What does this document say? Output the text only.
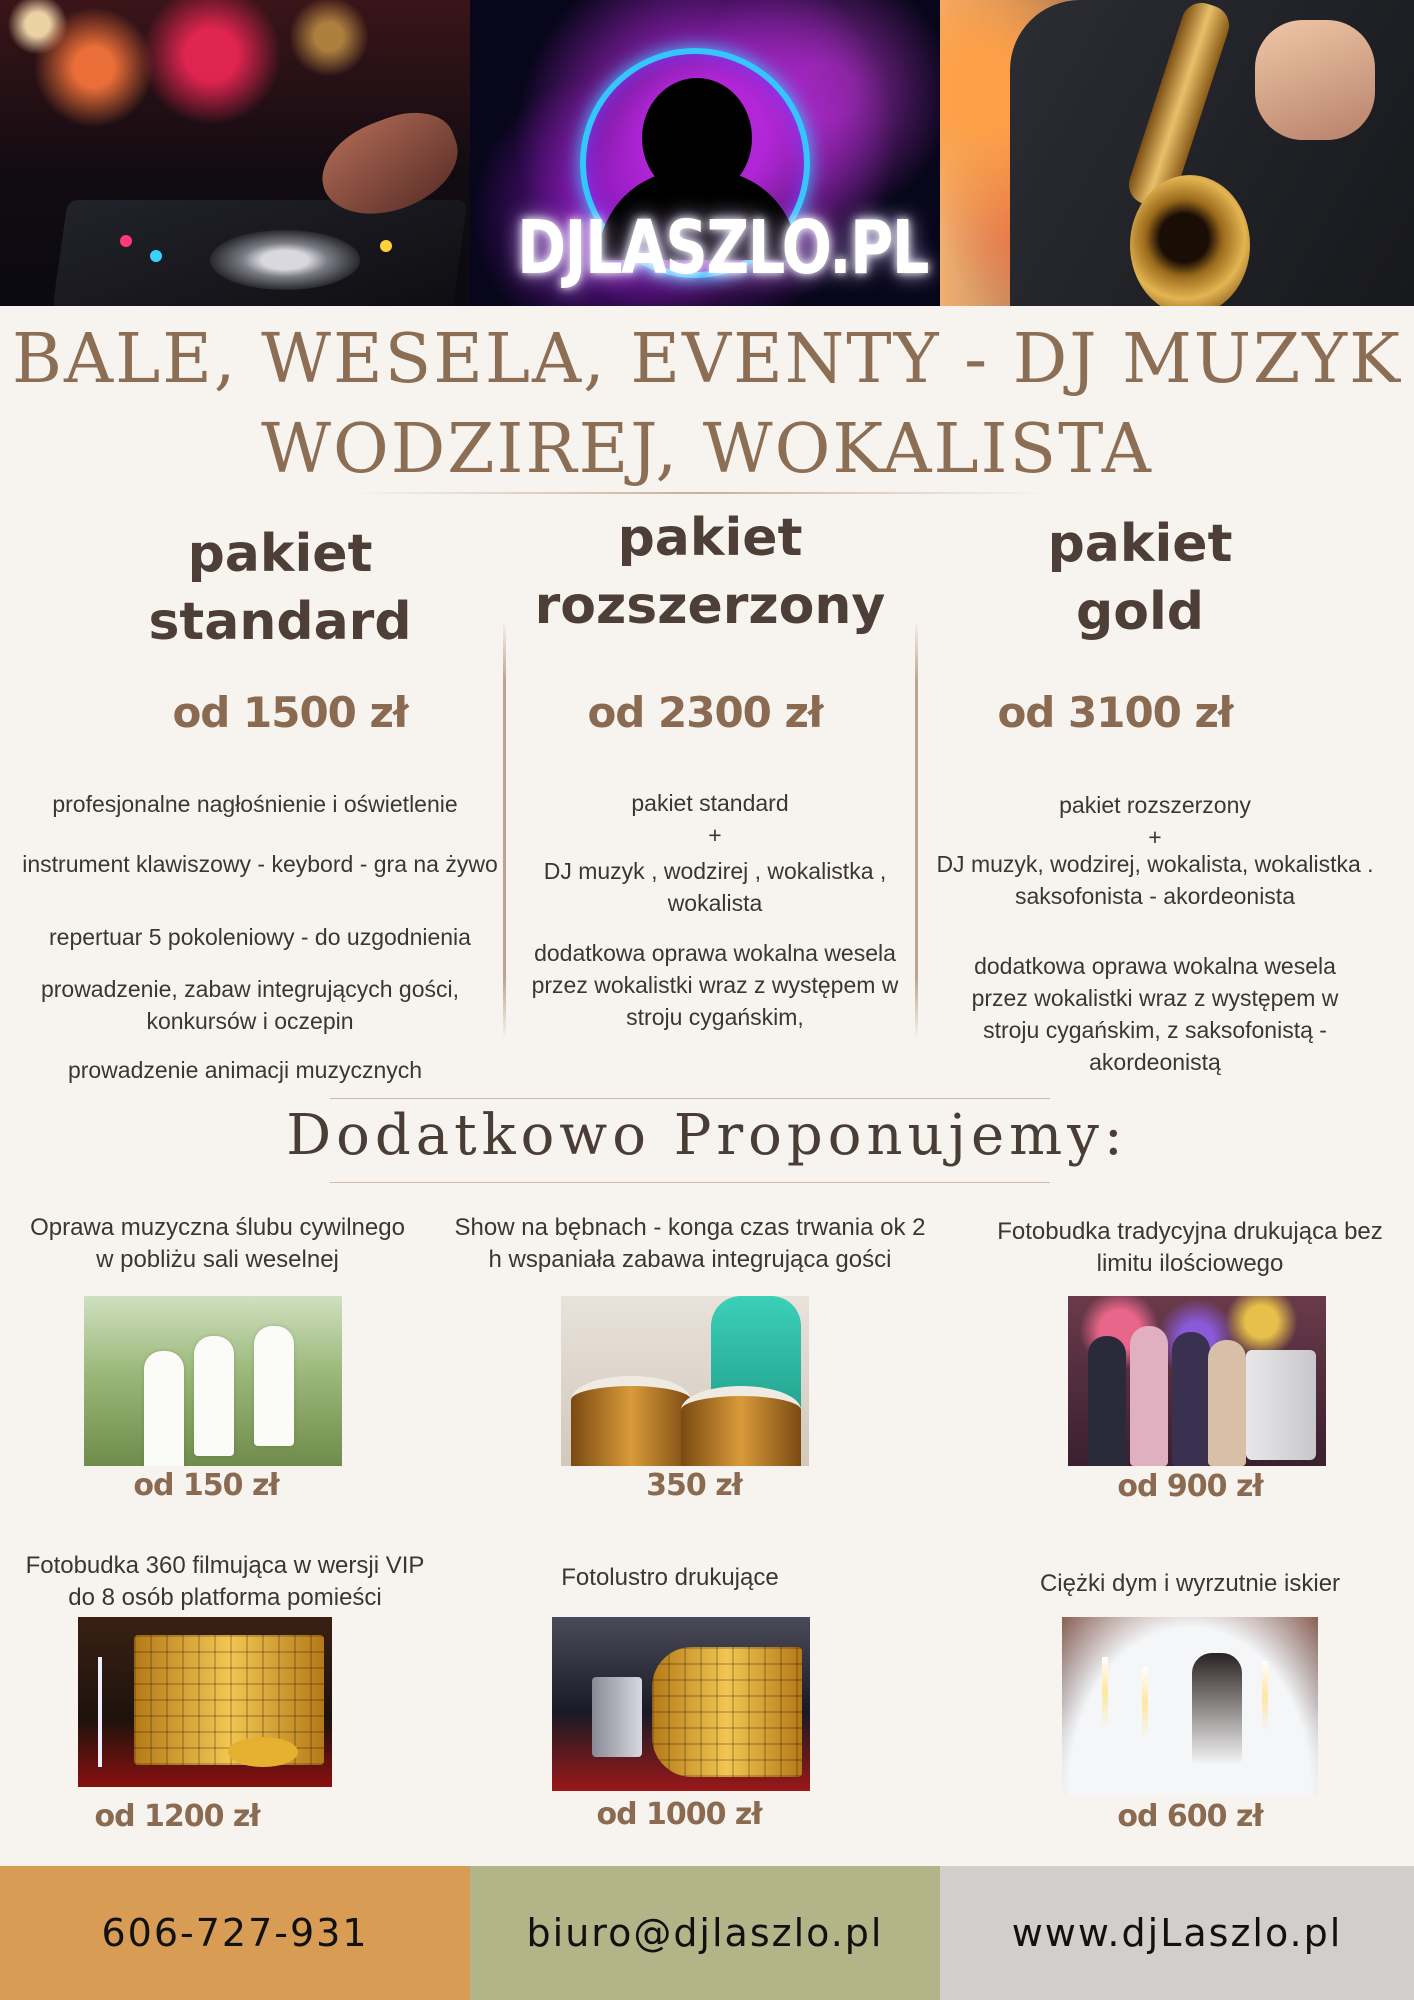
DJLASZLO.PL
BALE, WESELA, EVENTY - DJ MUZYK
WODZIREJ, WOKALISTA
pakiet
standard
od 1500 zł
profesjonalne nagłośnienie i oświetlenie
instrument klawiszowy - keybord - gra na żywo
repertuar 5 pokoleniowy - do uzgodnienia
prowadzenie, zabaw integrujących gości, konkursów i oczepin
prowadzenie animacji muzycznych
pakiet
rozszerzony
od 2300 zł
pakiet standard
+
DJ muzyk , wodzirej , wokalistka , wokalista
dodatkowa oprawa wokalna wesela przez wokalistki wraz z występem w stroju cygańskim,
pakiet
gold
od 3100 zł
pakiet rozszerzony
+
DJ muzyk, wodzirej, wokalista, wokalistka . saksofonista - akordeonista
dodatkowa oprawa wokalna wesela przez wokalistki wraz z występem w stroju cygańskim, z saksofonistą - akordeonistą
Dodatkowo Proponujemy:
Oprawa muzyczna ślubu cywilnego w pobliżu sali weselnej
od 150 zł
Show na bębnach - konga czas trwania ok 2 h wspaniała zabawa integrująca gości
350 zł
Fotobudka tradycyjna drukująca bez limitu ilościowego
od 900 zł
Fotobudka 360 filmująca w wersji VIP do 8 osób platforma pomieści
od 1200 zł
Fotolustro drukujące
od 1000 zł
Ciężki dym i wyrzutnie iskier
od 600 zł
606-727-931	biuro@djlaszlo.pl	www.djLaszlo.pl
